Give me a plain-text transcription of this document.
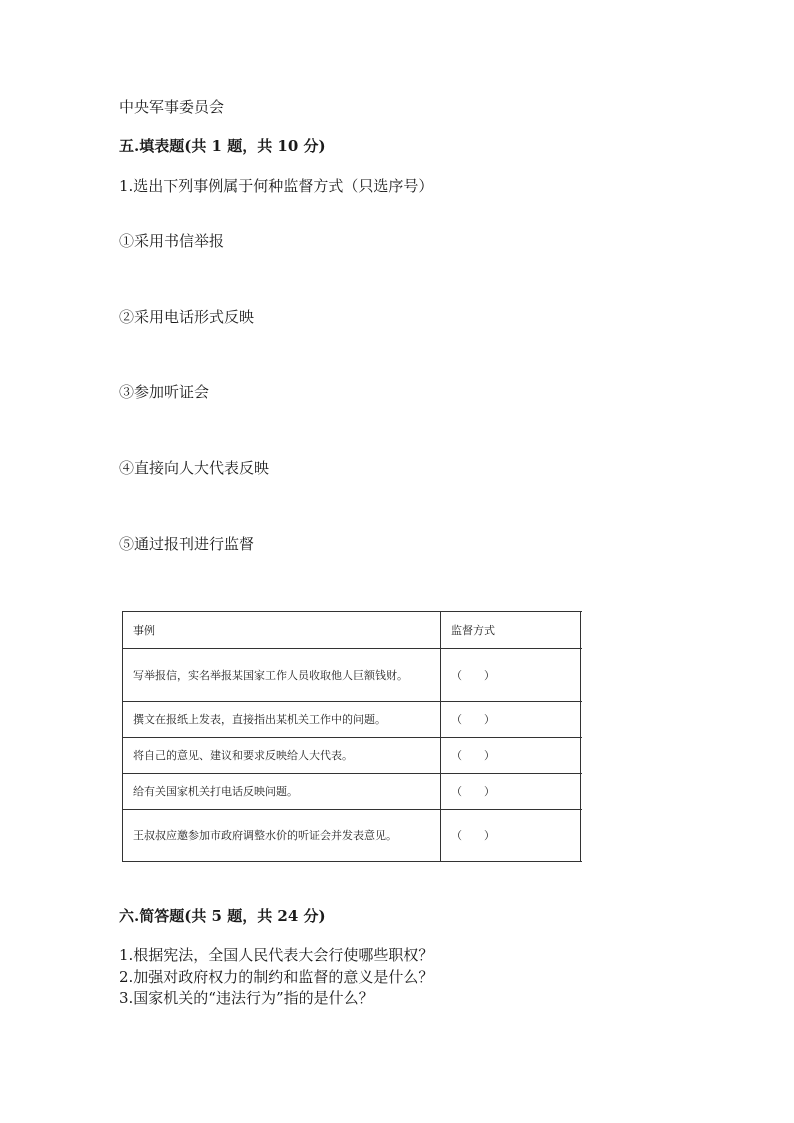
中央军事委员会
五.填表题(共 1 题，共 10 分)
1.选出下列事例属于何种监督方式（只选序号）
①采用书信举报
②采用电话形式反映
③参加听证会
④直接向人大代表反映
⑤通过报刊进行监督
事例	监督方式	
写举报信，实名举报某国家工作人员收取他人巨额钱财。	（　　）	
撰文在报纸上发表，直接指出某机关工作中的问题。	（　　）	
将自己的意见、建议和要求反映给人大代表。	（　　）	
给有关国家机关打电话反映问题。	（　　）	
王叔叔应邀参加市政府调整水价的听证会并发表意见。	（　　）	
六.简答题(共 5 题，共 24 分)
1.根据宪法，全国人民代表大会行使哪些职权？
2.加强对政府权力的制约和监督的意义是什么？
3.国家机关的“违法行为”指的是什么？
